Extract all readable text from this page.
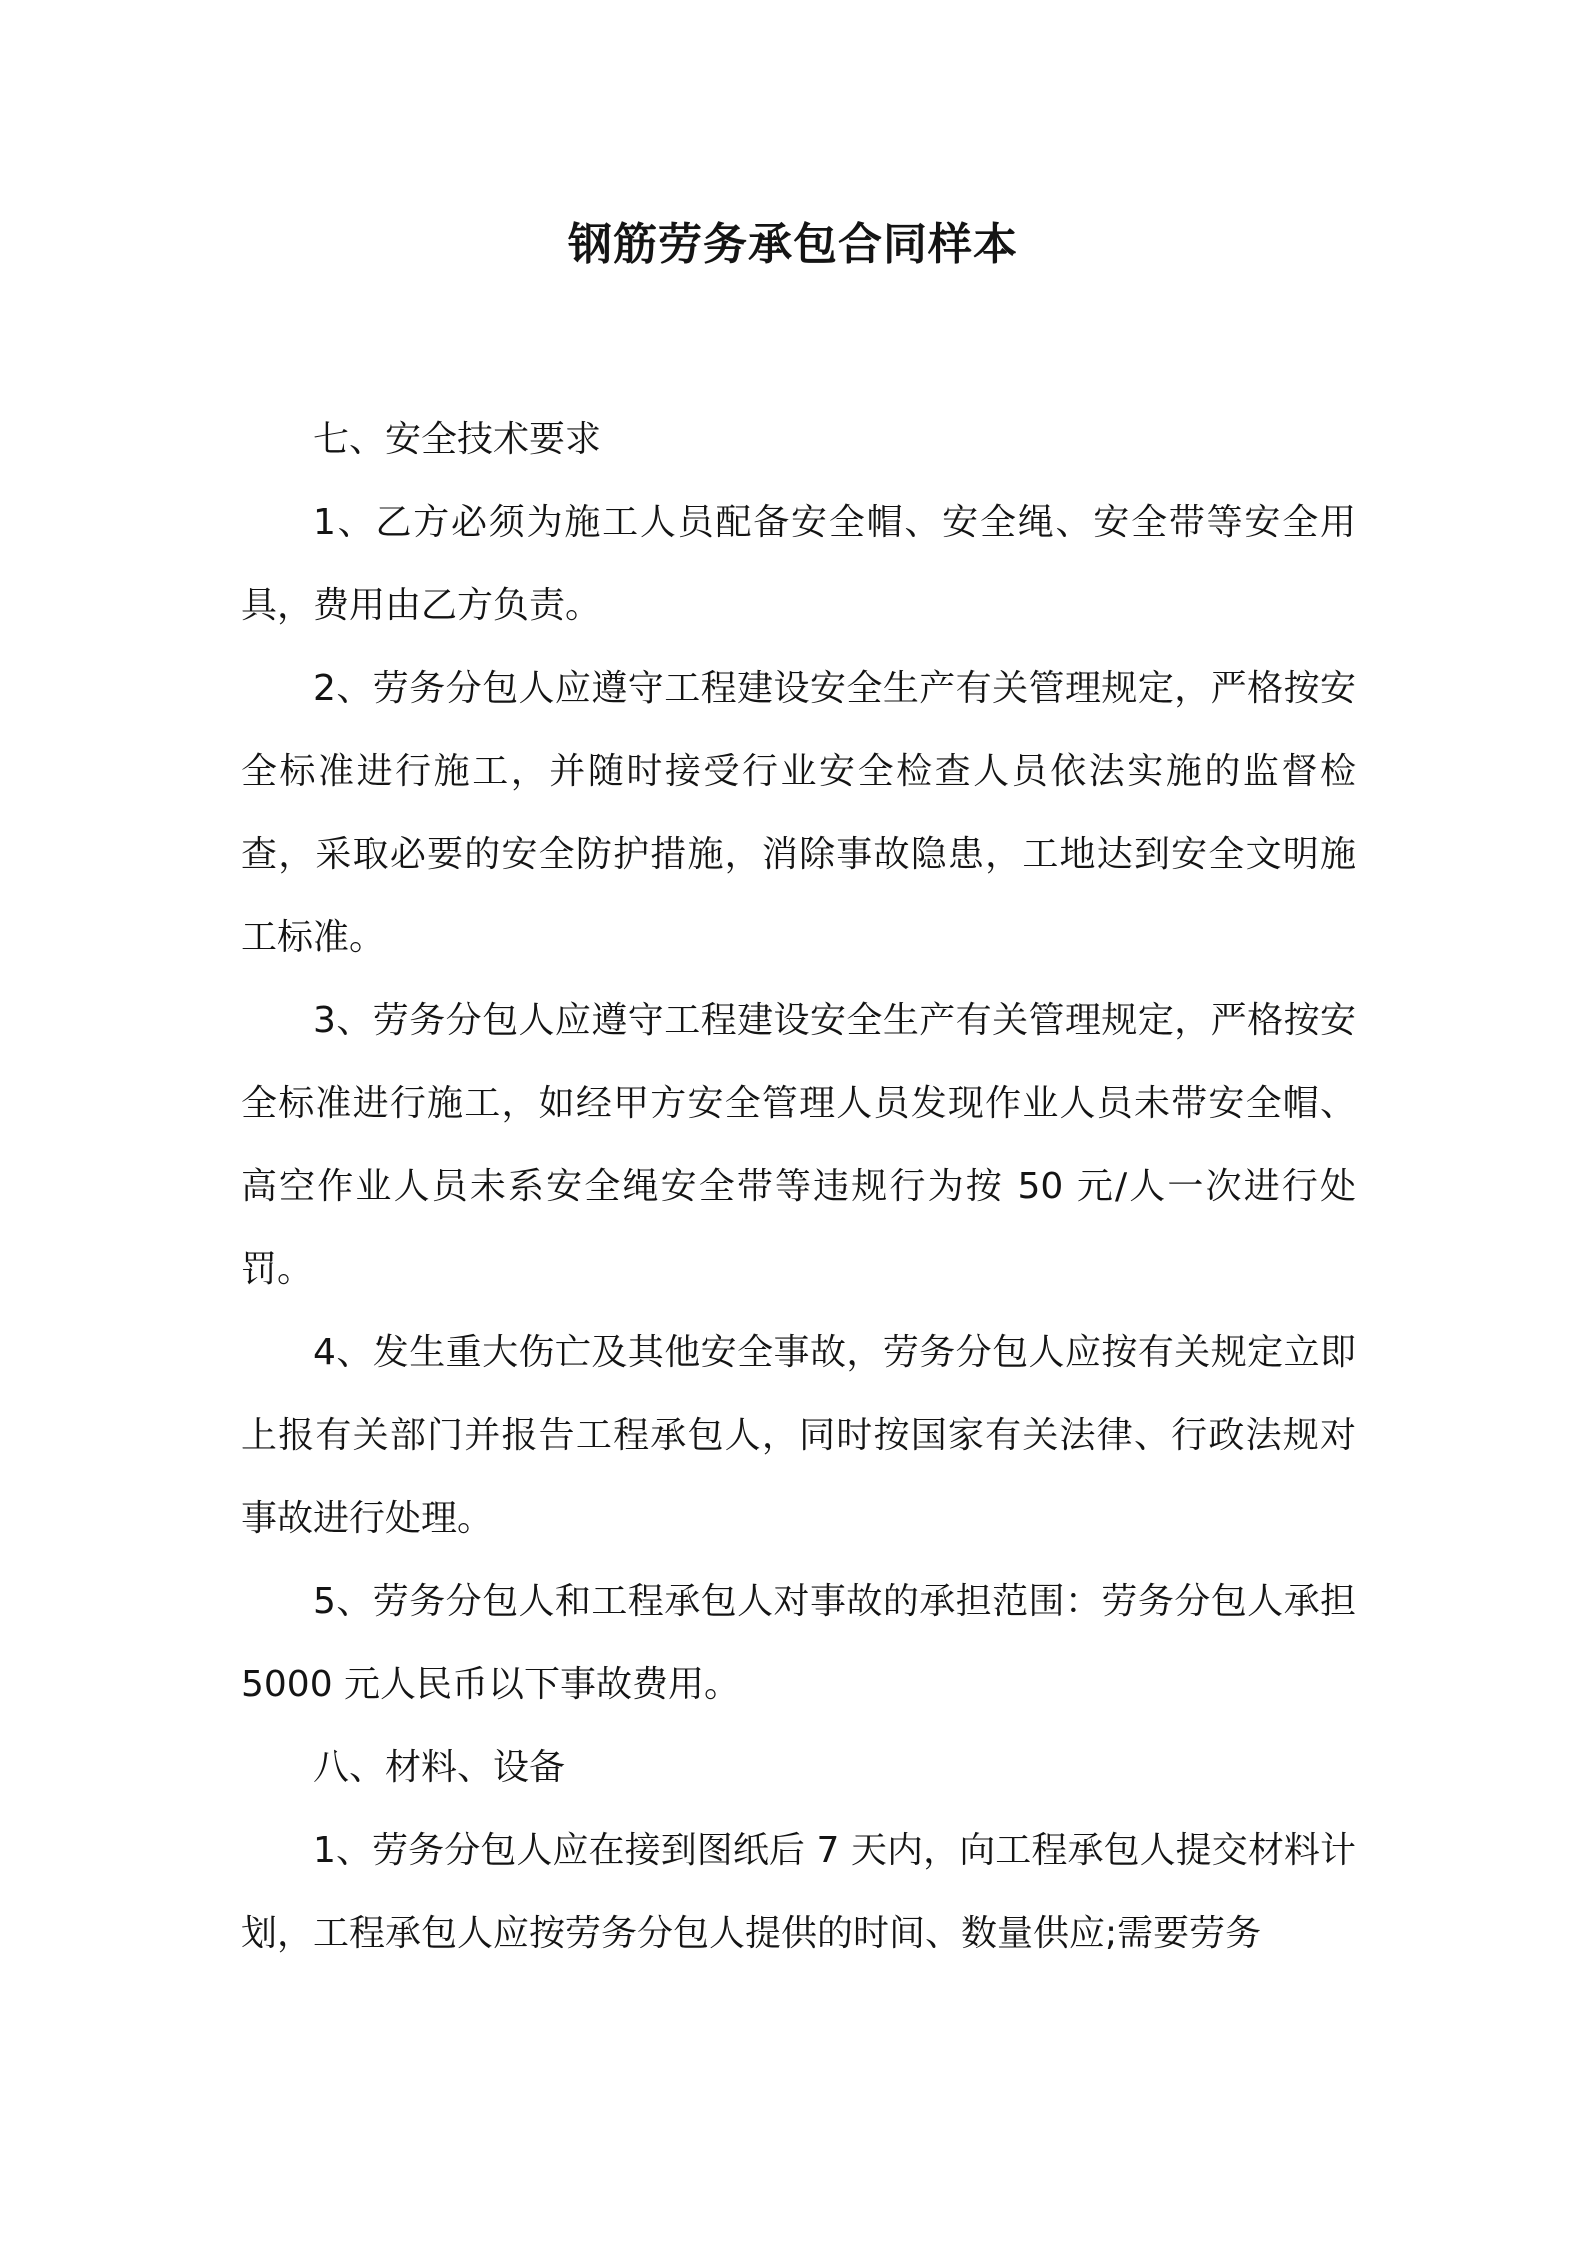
钢筋劳务承包合同样本

七、安全技术要求

1、乙方必须为施工人员配备安全帽、安全绳、安全带等安全用具，费用由乙方负责。

2、劳务分包人应遵守工程建设安全生产有关管理规定，严格按安全标准进行施工，并随时接受行业安全检查人员依法实施的监督检查，采取必要的安全防护措施，消除事故隐患，工地达到安全文明施工标准。

3、劳务分包人应遵守工程建设安全生产有关管理规定，严格按安全标准进行施工，如经甲方安全管理人员发现作业人员未带安全帽、高空作业人员未系安全绳安全带等违规行为按 50 元/人一次进行处罚。

4、发生重大伤亡及其他安全事故，劳务分包人应按有关规定立即上报有关部门并报告工程承包人，同时按国家有关法律、行政法规对事故进行处理。

5、劳务分包人和工程承包人对事故的承担范围：劳务分包人承担 5000 元人民币以下事故费用。

八、材料、设备

1、劳务分包人应在接到图纸后 7 天内，向工程承包人提交材料计划，工程承包人应按劳务分包人提供的时间、数量供应;需要劳务
